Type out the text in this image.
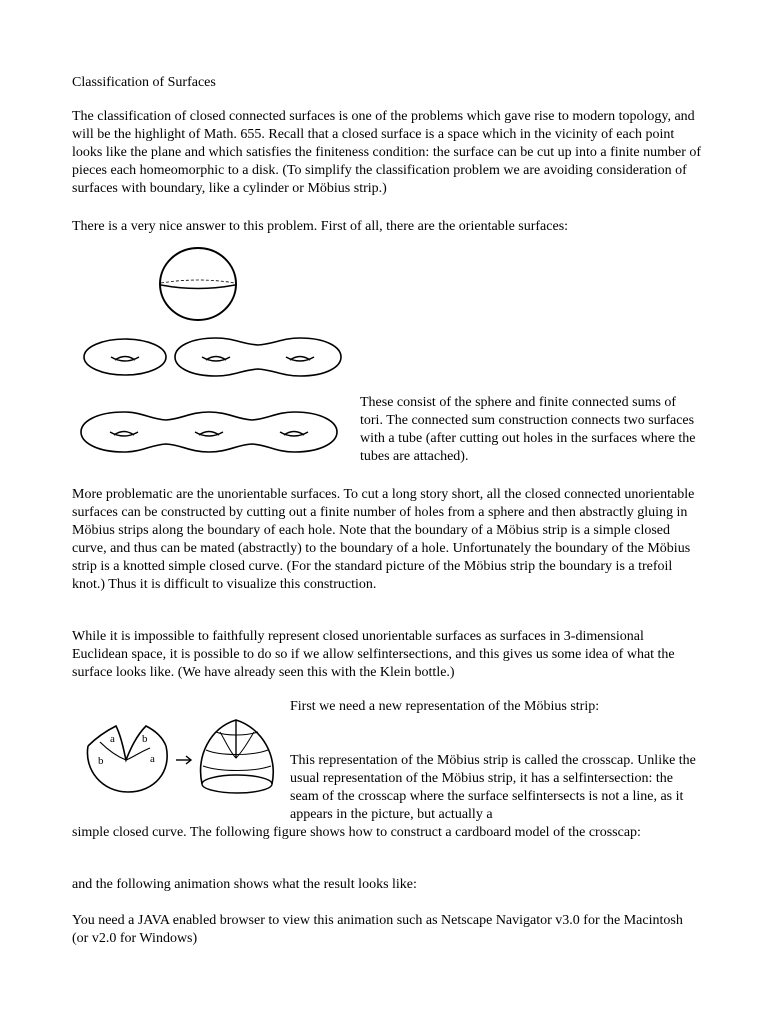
Classification of Surfaces

The classification of closed connected surfaces is one of the problems which gave rise to modern topology, and will be the highlight of Math. 655. Recall that a closed surface is a space which in the vicinity of each point looks like the plane and which satisfies the finiteness condition: the surface can be cut up into a finite number of pieces each homeomorphic to a disk. (To simplify the classification problem we are avoiding consideration of surfaces with boundary, like a cylinder or Möbius strip.)

There is a very nice answer to this problem. First of all, there are the orientable surfaces:

These consist of the sphere and finite connected sums of tori. The connected sum construction connects two surfaces with a tube (after cutting out holes in the surfaces where the tubes are attached).

More problematic are the unorientable surfaces. To cut a long story short, all the closed connected unorientable surfaces can be constructed by cutting out a finite number of holes from a sphere and then abstractly gluing in Möbius strips along the boundary of each hole. Note that the boundary of a Möbius strip is a simple closed curve, and thus can be mated (abstractly) to the boundary of a hole. Unfortunately the boundary of the Möbius strip is a knotted simple closed curve. (For the standard picture of the Möbius strip the boundary is a trefoil knot.) Thus it is difficult to visualize this construction.

While it is impossible to faithfully represent closed unorientable surfaces as surfaces in 3-dimensional Euclidean space, it is possible to do so if we allow selfintersections, and this gives us some idea of what the surface looks like. (We have already seen this with the Klein bottle.)

a b
b	a

First we need a new representation of the Möbius strip:

This representation of the Möbius strip is called the crosscap. Unlike the usual representation of the Möbius strip, it has a selfintersection: the seam of the crosscap where the surface selfintersects is not a line, as it appears in the picture, but actually a

simple closed curve. The following figure shows how to construct a cardboard model of the crosscap:

and the following animation shows what the result looks like:

You need a JAVA enabled browser to view this animation such as Netscape Navigator v3.0 for the Macintosh (or v2.0 for Windows)
